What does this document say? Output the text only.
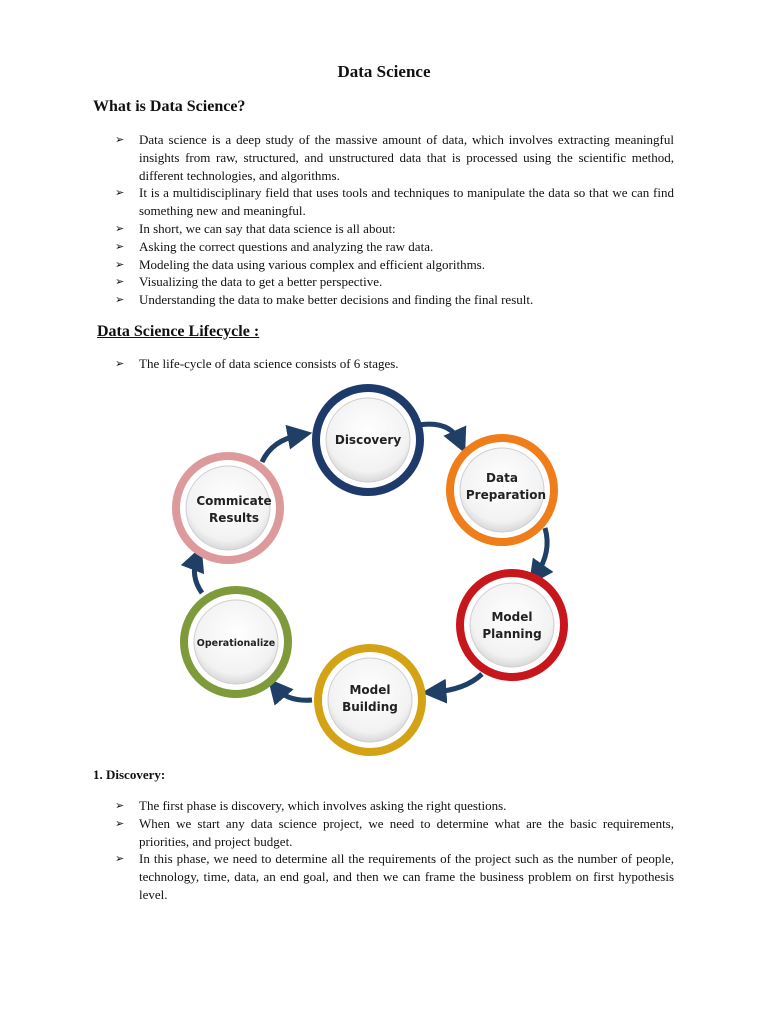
Data Science
What is Data Science?
➢ Data science is a deep study of the massive amount of data, which involves extracting meaningful insights from raw, structured, and unstructured data that is processed using the scientific method, different technologies, and algorithms.
➢ It is a multidisciplinary field that uses tools and techniques to manipulate the data so that we can find something new and meaningful.
➢ In short, we can say that data science is all about:
➢ Asking the correct questions and analyzing the raw data.
➢ Modeling the data using various complex and efficient algorithms.
➢ Visualizing the data to get a better perspective.
➢ Understanding the data to make better decisions and finding the final result.
Data Science Lifecycle :
➢ The life-cycle of data science consists of 6 stages.
Discovery
Data
Preparation
Model
Planning
Model
Building
Operationalize
Commicate
Results
1. Discovery:
➢ The first phase is discovery, which involves asking the right questions.
➢ When we start any data science project, we need to determine what are the basic requirements, priorities, and project budget.
➢ In this phase, we need to determine all the requirements of the project such as the number of people, technology, time, data, an end goal, and then we can frame the business problem on first hypothesis level.
